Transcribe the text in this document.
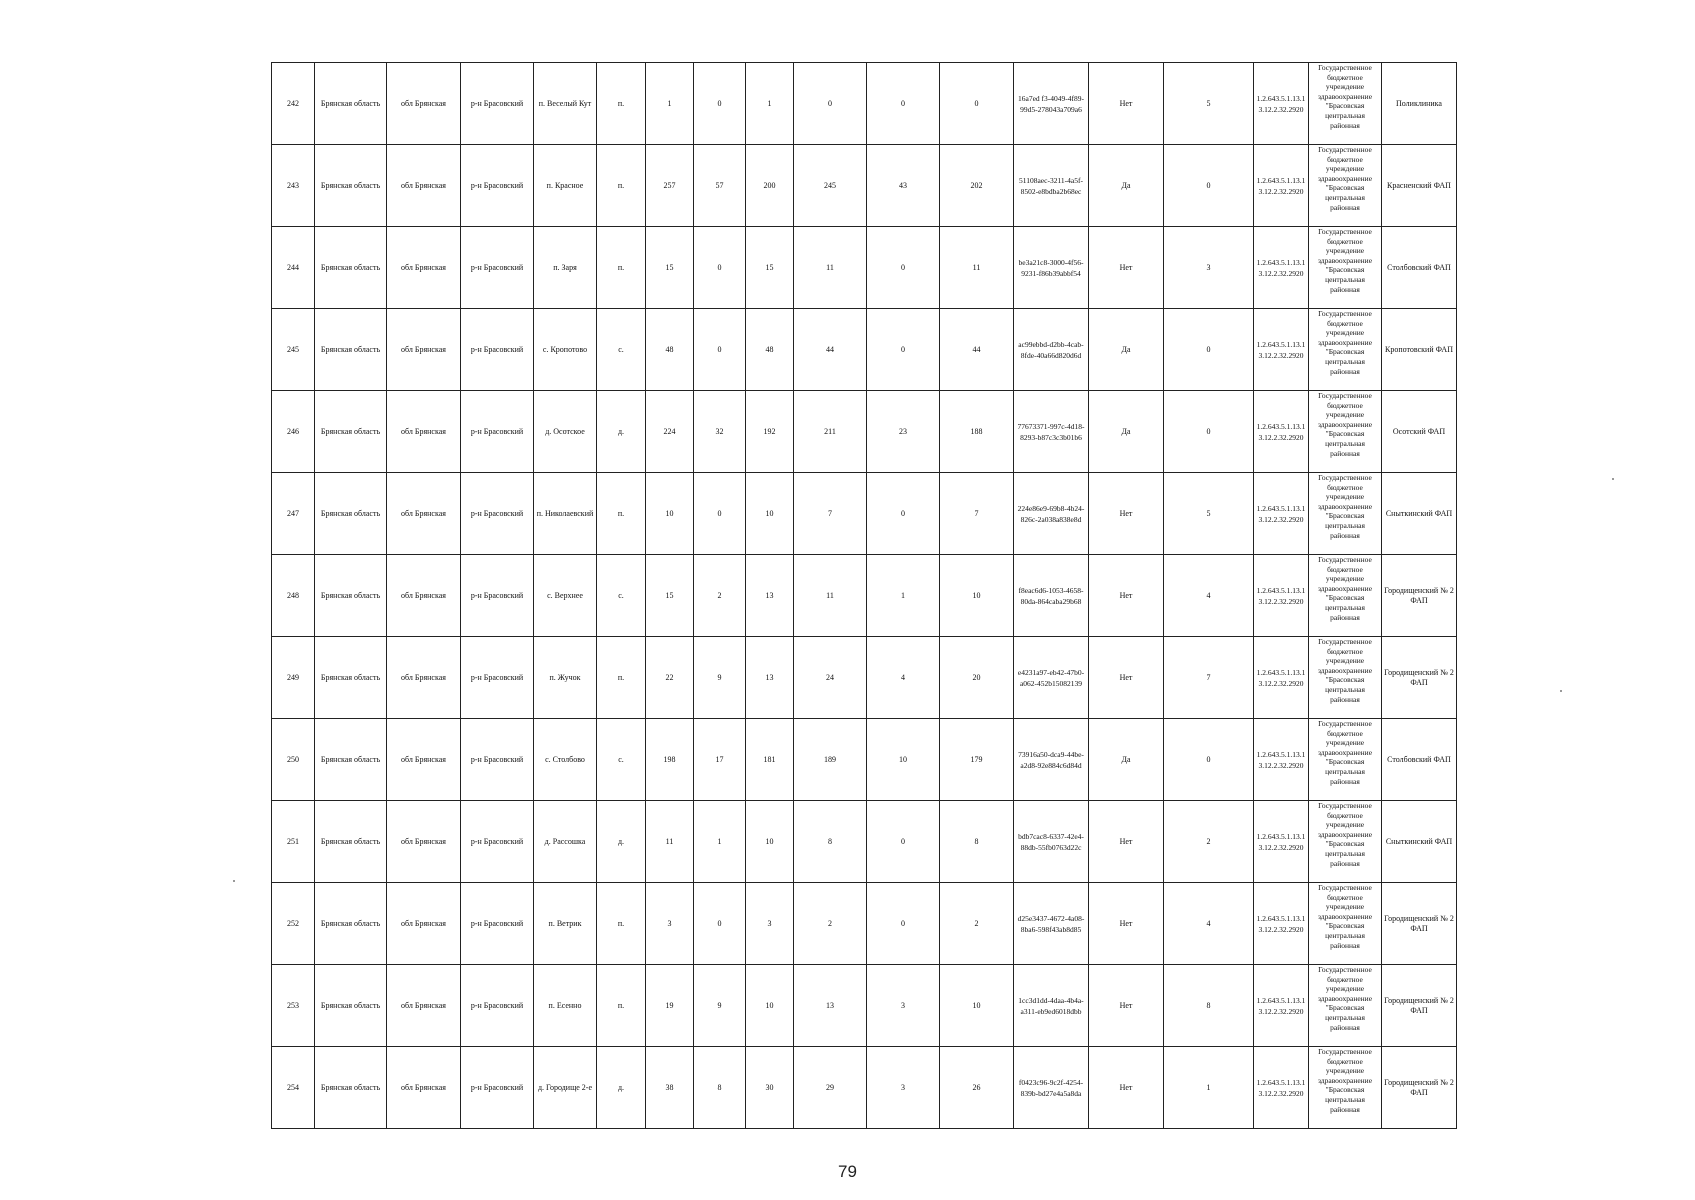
242	Брянская область	обл Брянская	р-н Брасовский	п. Веселый Кут	п.	1	0	1	0	0	0	16a7ed f3-4049-4f89-99d5-278043a709a6	Нет	5	1.2.643.5.1.13.13.12.2.32.2920	Государственное бюджетное учреждение здравоохранение "Брасовская центральная районная	Поликлиника
243	Брянская область	обл Брянская	р-н Брасовский	п. Красное	п.	257	57	200	245	43	202	51108aec-3211-4a5f-8502-e8bdba2b68ec	Да	0	1.2.643.5.1.13.13.12.2.32.2920	Государственное бюджетное учреждение здравоохранение "Брасовская центральная районная	Красненский ФАП
244	Брянская область	обл Брянская	р-н Брасовский	п. Заря	п.	15	0	15	11	0	11	be3a21c8-3000-4f56-9231-f86b39abbf54	Нет	3	1.2.643.5.1.13.13.12.2.32.2920	Государственное бюджетное учреждение здравоохранение "Брасовская центральная районная	Столбовский ФАП
245	Брянская область	обл Брянская	р-н Брасовский	с. Кропотово	с.	48	0	48	44	0	44	ac99ebbd-d2bb-4cab-8fde-40a66d820d6d	Да	0	1.2.643.5.1.13.13.12.2.32.2920	Государственное бюджетное учреждение здравоохранение "Брасовская центральная районная	Кропотовский ФАП
246	Брянская область	обл Брянская	р-н Брасовский	д. Осотское	д.	224	32	192	211	23	188	77673371-997c-4d18-8293-b87c3c3b01b6	Да	0	1.2.643.5.1.13.13.12.2.32.2920	Государственное бюджетное учреждение здравоохранение "Брасовская центральная районная	Осотский ФАП
247	Брянская область	обл Брянская	р-н Брасовский	п. Николаевский	п.	10	0	10	7	0	7	224e86e9-69b8-4b24-826c-2a038a838e8d	Нет	5	1.2.643.5.1.13.13.12.2.32.2920	Государственное бюджетное учреждение здравоохранение "Брасовская центральная районная	Сныткинский ФАП
248	Брянская область	обл Брянская	р-н Брасовский	с. Верхнее	с.	15	2	13	11	1	10	f8eac6d6-1053-4658-80da-864caba29b68	Нет	4	1.2.643.5.1.13.13.12.2.32.2920	Государственное бюджетное учреждение здравоохранение "Брасовская центральная районная	Городищенский № 2 ФАП
249	Брянская область	обл Брянская	р-н Брасовский	п. Жучок	п.	22	9	13	24	4	20	e4231a97-eb42-47b0-a062-452b15082139	Нет	7	1.2.643.5.1.13.13.12.2.32.2920	Государственное бюджетное учреждение здравоохранение "Брасовская центральная районная	Городищенский № 2 ФАП
250	Брянская область	обл Брянская	р-н Брасовский	с. Столбово	с.	198	17	181	189	10	179	73916a50-dca9-44be-a2d8-92e884c6d84d	Да	0	1.2.643.5.1.13.13.12.2.32.2920	Государственное бюджетное учреждение здравоохранение "Брасовская центральная районная	Столбовский ФАП
251	Брянская область	обл Брянская	р-н Брасовский	д. Рассошка	д.	11	1	10	8	0	8	bdb7cac8-6337-42e4-88db-55fb0763d22c	Нет	2	1.2.643.5.1.13.13.12.2.32.2920	Государственное бюджетное учреждение здравоохранение "Брасовская центральная районная	Сныткинский ФАП
252	Брянская область	обл Брянская	р-н Брасовский	п. Ветрик	п.	3	0	3	2	0	2	d25e3437-4672-4a08-8ba6-598f43ab8d85	Нет	4	1.2.643.5.1.13.13.12.2.32.2920	Государственное бюджетное учреждение здравоохранение "Брасовская центральная районная	Городищенский № 2 ФАП
253	Брянская область	обл Брянская	р-н Брасовский	п. Есенно	п.	19	9	10	13	3	10	1cc3d1dd-4daa-4b4a-a311-eb9ed6018dbb	Нет	8	1.2.643.5.1.13.13.12.2.32.2920	Государственное бюджетное учреждение здравоохранение "Брасовская центральная районная	Городищенский № 2 ФАП
254	Брянская область	обл Брянская	р-н Брасовский	д. Городище 2-е	д.	38	8	30	29	3	26	f0423c96-9c2f-4254-839b-bd27e4a5a8da	Нет	1	1.2.643.5.1.13.13.12.2.32.2920	Государственное бюджетное учреждение здравоохранение "Брасовская центральная районная	Городищенский № 2 ФАП
79
